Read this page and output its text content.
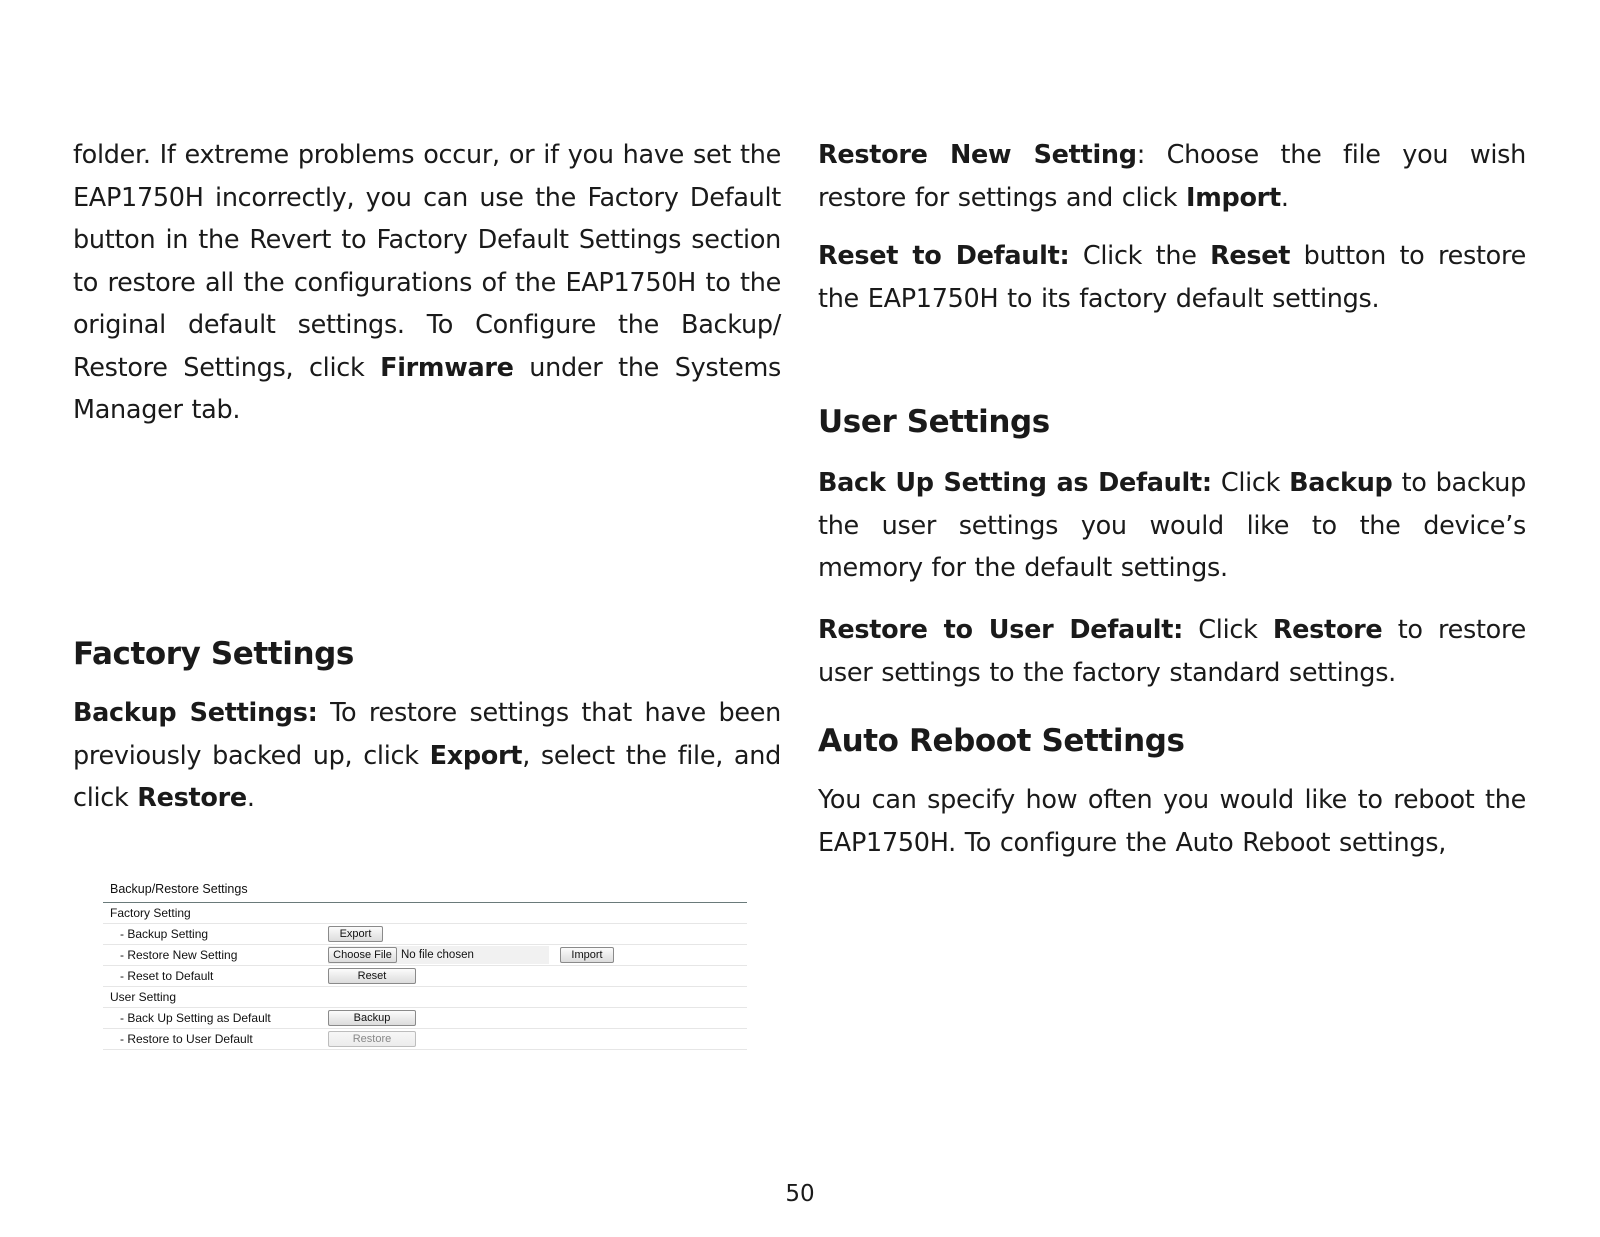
folder. If extreme problems occur, or if you have set the EAP1750H incorrectly, you can use the Factory Default button in the Revert to Factory Default Settings section to restore all the configurations of the EAP1750H to the original default settings. To Configure the Backup/ Restore Settings, click Firmware under the Systems Manager tab.

Factory Settings

Backup Settings: To restore settings that have been previously backed up, click Export, select the file, and click Restore.

Backup/Restore Settings
Factory Setting
- Backup Setting	Export
- Restore New Setting	Choose File No file chosen	Import
- Reset to Default	Reset
User Setting
- Back Up Setting as Default	Backup
- Restore to User Default	Restore

Restore New Setting: Choose the file you wish restore for settings and click Import.

Reset to Default: Click the Reset button to restore the EAP1750H to its factory default settings.

User Settings

Back Up Setting as Default: Click Backup to backup the user settings you would like to the device’s memory for the default settings.

Restore to User Default: Click Restore to restore user settings to the factory standard settings.

Auto Reboot Settings

You can specify how often you would like to reboot the EAP1750H. To configure the Auto Reboot settings,

50
